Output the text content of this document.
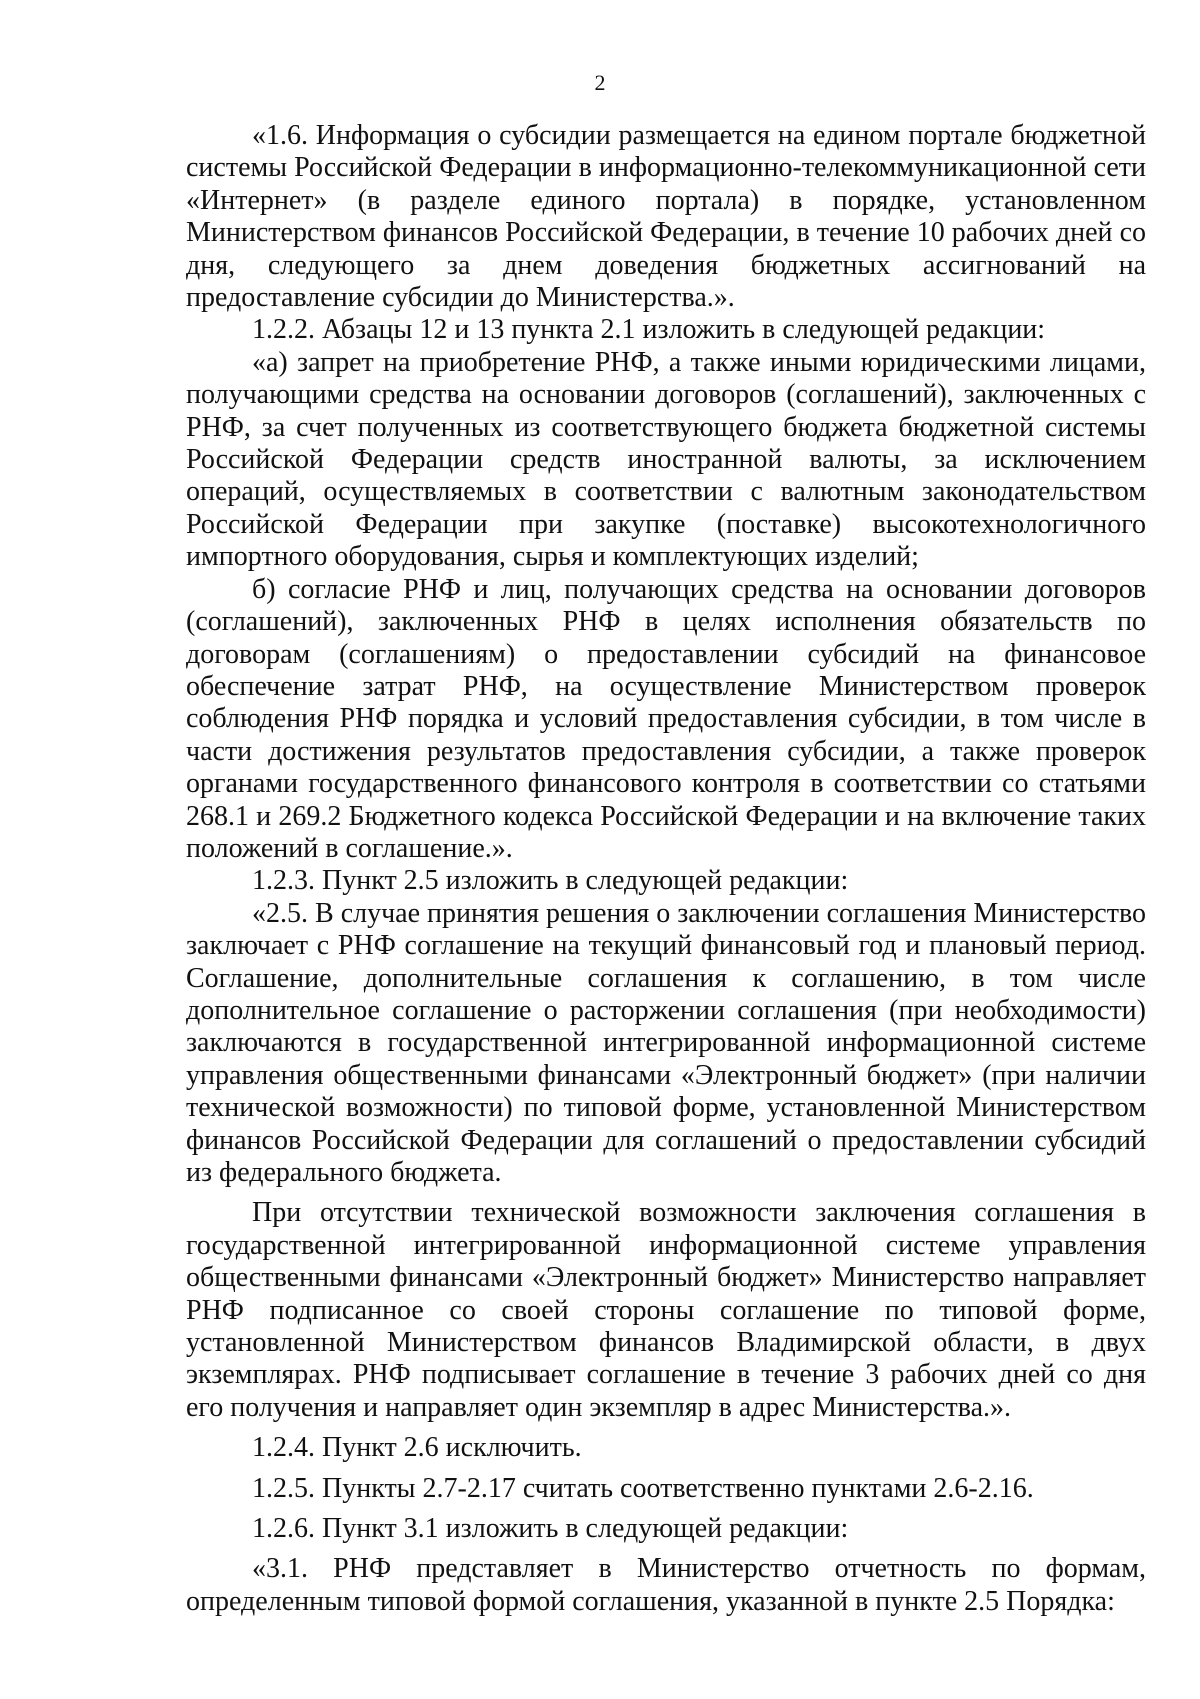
2

«1.6. Информация о субсидии размещается на едином портале бюджетной системы Российской Федерации в информационно-телекоммуникационной сети «Интернет» (в разделе единого портала) в порядке, установленном Министерством финансов Российской Федерации, в течение 10 рабочих дней со дня, следующего за днем доведения бюджетных ассигнований на предоставление субсидии до Министерства.».

1.2.2. Абзацы 12 и 13 пункта 2.1 изложить в следующей редакции:

«а) запрет на приобретение РНФ, а также иными юридическими лицами, получающими средства на основании договоров (соглашений), заключенных с РНФ, за счет полученных из соответствующего бюджета бюджетной системы Российской Федерации средств иностранной валюты, за исключением операций, осуществляемых в соответствии с валютным законодательством Российской Федерации при закупке (поставке) высокотехнологичного импортного оборудования, сырья и комплектующих изделий;

б) согласие РНФ и лиц, получающих средства на основании договоров (соглашений), заключенных РНФ в целях исполнения обязательств по договорам (соглашениям) о предоставлении субсидий на финансовое обеспечение затрат РНФ, на осуществление Министерством проверок соблюдения РНФ порядка и условий предоставления субсидии, в том числе в части достижения результатов предоставления субсидии, а также проверок органами государственного финансового контроля в соответствии со статьями 268.1 и 269.2 Бюджетного кодекса Российской Федерации и на включение таких положений в соглашение.».

1.2.3. Пункт 2.5 изложить в следующей редакции:

«2.5. В случае принятия решения о заключении соглашения Министерство заключает с РНФ соглашение на текущий финансовый год и плановый период. Соглашение, дополнительные соглашения к соглашению, в том числе дополнительное соглашение о расторжении соглашения (при необходимости) заключаются в государственной интегрированной информационной системе управления общественными финансами «Электронный бюджет» (при наличии технической возможности) по типовой форме, установленной Министерством финансов Российской Федерации для соглашений о предоставлении субсидий из федерального бюджета.

При отсутствии технической возможности заключения соглашения в государственной интегрированной информационной системе управления общественными финансами «Электронный бюджет» Министерство направляет РНФ подписанное со своей стороны соглашение по типовой форме, установленной Министерством финансов Владимирской области, в двух экземплярах. РНФ подписывает соглашение в течение 3 рабочих дней со дня его получения и направляет один экземпляр в адрес Министерства.».

1.2.4. Пункт 2.6 исключить.

1.2.5. Пункты 2.7-2.17 считать соответственно пунктами 2.6-2.16.

1.2.6. Пункт 3.1 изложить в следующей редакции:

«3.1. РНФ представляет в Министерство отчетность по формам, определенным типовой формой соглашения, указанной в пункте 2.5 Порядка:
